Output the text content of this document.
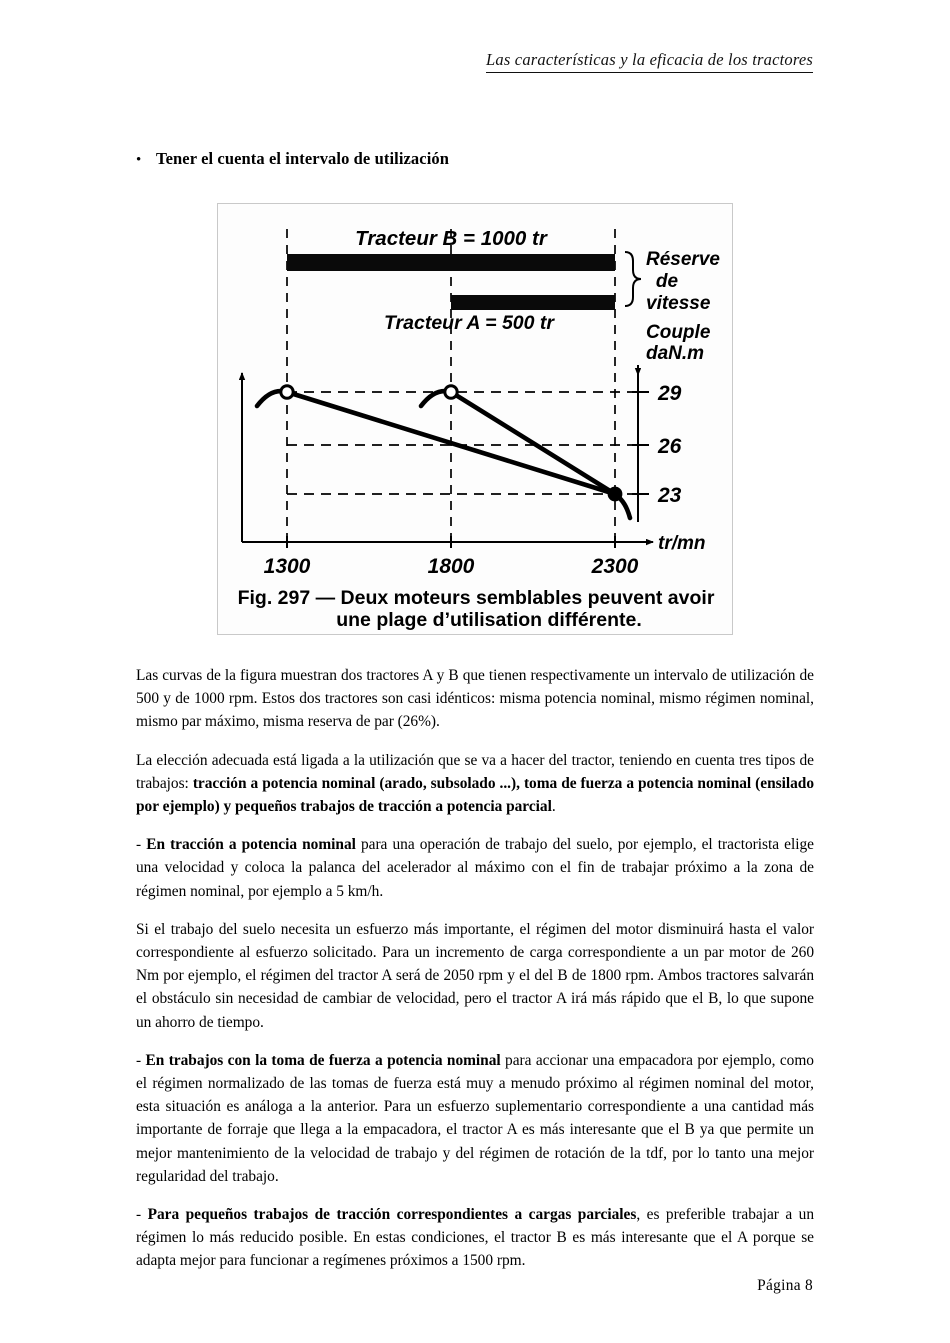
Las características y la eficacia de los tractores
• Tener el cuenta el intervalo de utilización
Tracteur B = 1000 tr
Tracteur A = 500 tr
Réserve
de
vitesse
Couple
daN.m
1300	1800	2300
29
26
23
tr/mn
Fig. 297 — Deux moteurs semblables peuvent avoir
une plage d’utilisation différente.

Las curvas de la figura muestran dos tractores A y B que tienen respectivamente un intervalo de utilización de 500 y de 1000 rpm. Estos dos tractores son casi idénticos: misma potencia nominal, mismo régimen nominal, mismo par máximo, misma reserva de par (26%).

La elección adecuada está ligada a la utilización que se va a hacer del tractor, teniendo en cuenta tres tipos de trabajos: tracción a potencia nominal (arado, subsolado ...), toma de fuerza a potencia nominal (ensilado por ejemplo) y pequeños trabajos de tracción a potencia parcial.

- En tracción a potencia nominal para una operación de trabajo del suelo, por ejemplo, el tractorista elige una velocidad y coloca la palanca del acelerador al máximo con el fin de trabajar próximo a la zona de régimen nominal, por ejemplo a 5 km/h.

Si el trabajo del suelo necesita un esfuerzo más importante, el régimen del motor disminuirá hasta el valor correspondiente al esfuerzo solicitado. Para un incremento de carga correspondiente a un par motor de 260 Nm por ejemplo, el régimen del tractor A será de 2050 rpm y el del B de 1800 rpm. Ambos tractores salvarán el obstáculo sin necesidad de cambiar de velocidad, pero el tractor A irá más rápido que el B, lo que supone un ahorro de tiempo.

- En trabajos con la toma de fuerza a potencia nominal para accionar una empacadora por ejemplo, como el régimen normalizado de las tomas de fuerza está muy a menudo próximo al régimen nominal del motor, esta situación es análoga a la anterior. Para un esfuerzo suplementario correspondiente a una cantidad más importante de forraje que llega a la empacadora, el tractor A es más interesante que el B ya que permite un mejor mantenimiento de la velocidad de trabajo y del régimen de rotación de la tdf, por lo tanto una mejor regularidad del trabajo.

- Para pequeños trabajos de tracción correspondientes a cargas parciales, es preferible trabajar a un régimen lo más reducido posible. En estas condiciones, el tractor B es más interesante que el A porque se adapta mejor para funcionar a regímenes próximos a 1500 rpm.

Página 8
